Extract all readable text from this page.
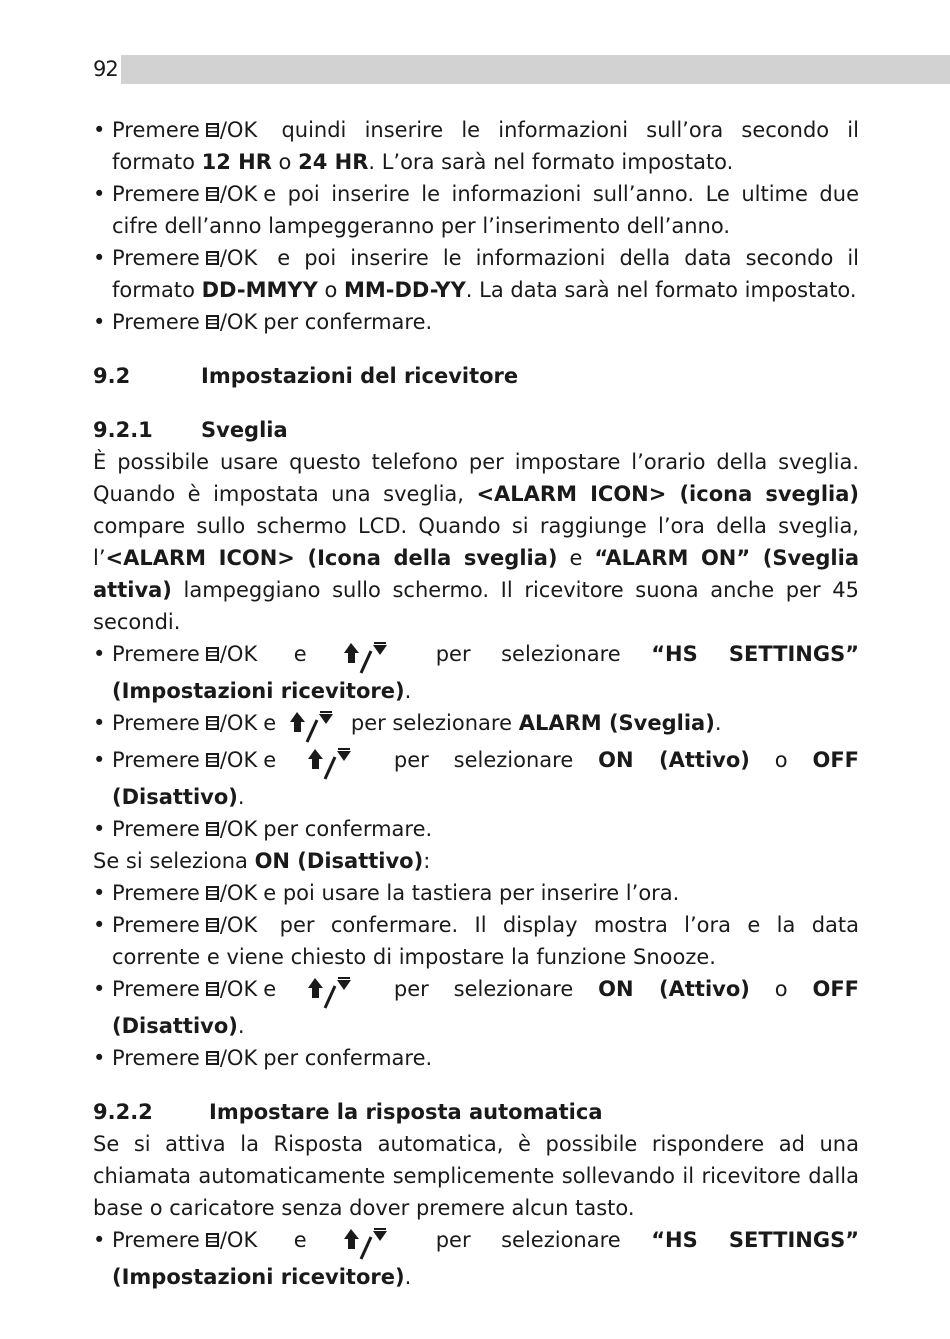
92
• Premere /OK quindi inserire le informazioni sull’ora secondo il formato 12 HR o 24 HR. L’ora sarà nel formato impostato.
• Premere /OK e poi inserire le informazioni sull’anno. Le ultime due cifre dell’anno lampeggeranno per l’inserimento dell’anno.
• Premere /OK e poi inserire le informazioni della data secondo il formato DD-MMYY o MM-DD-YY. La data sarà nel formato impostato.
• Premere /OK per confermare.

9.2	Impostazioni del ricevitore

9.2.1 Sveglia

È possibile usare questo telefono per impostare l’orario della sveglia. Quando è impostata una sveglia, <ALARM ICON> (icona sveglia) compare sullo schermo LCD. Quando si raggiunge l’ora della sveglia, l’<ALARM ICON> (Icona della sveglia) e “ALARM ON” (Sveglia attiva) lampeggiano sullo schermo. Il ricevitore suona anche per 45 secondi.

• Premere /OK e	per selezionare “HS SETTINGS” (Impostazioni ricevitore).
• Premere /OK e	per selezionare ALARM (Sveglia).
• Premere /OK e	per selezionare ON (Attivo) o OFF (Disattivo).
• Premere /OK per confermare.

Se si seleziona ON (Disattivo):

• Premere /OK e poi usare la tastiera per inserire l’ora.
• Premere /OK per confermare. Il display mostra l’ora e la data corrente e viene chiesto di impostare la funzione Snooze.
• Premere /OK e	per selezionare ON (Attivo) o OFF (Disattivo).
• Premere /OK per confermare.

9.2.2	Impostare la risposta automatica

Se si attiva la Risposta automatica, è possibile rispondere ad una chiamata automaticamente semplicemente sollevando il ricevitore dalla base o caricatore senza dover premere alcun tasto.

• Premere /OK e	per selezionare “HS SETTINGS” (Impostazioni ricevitore).
